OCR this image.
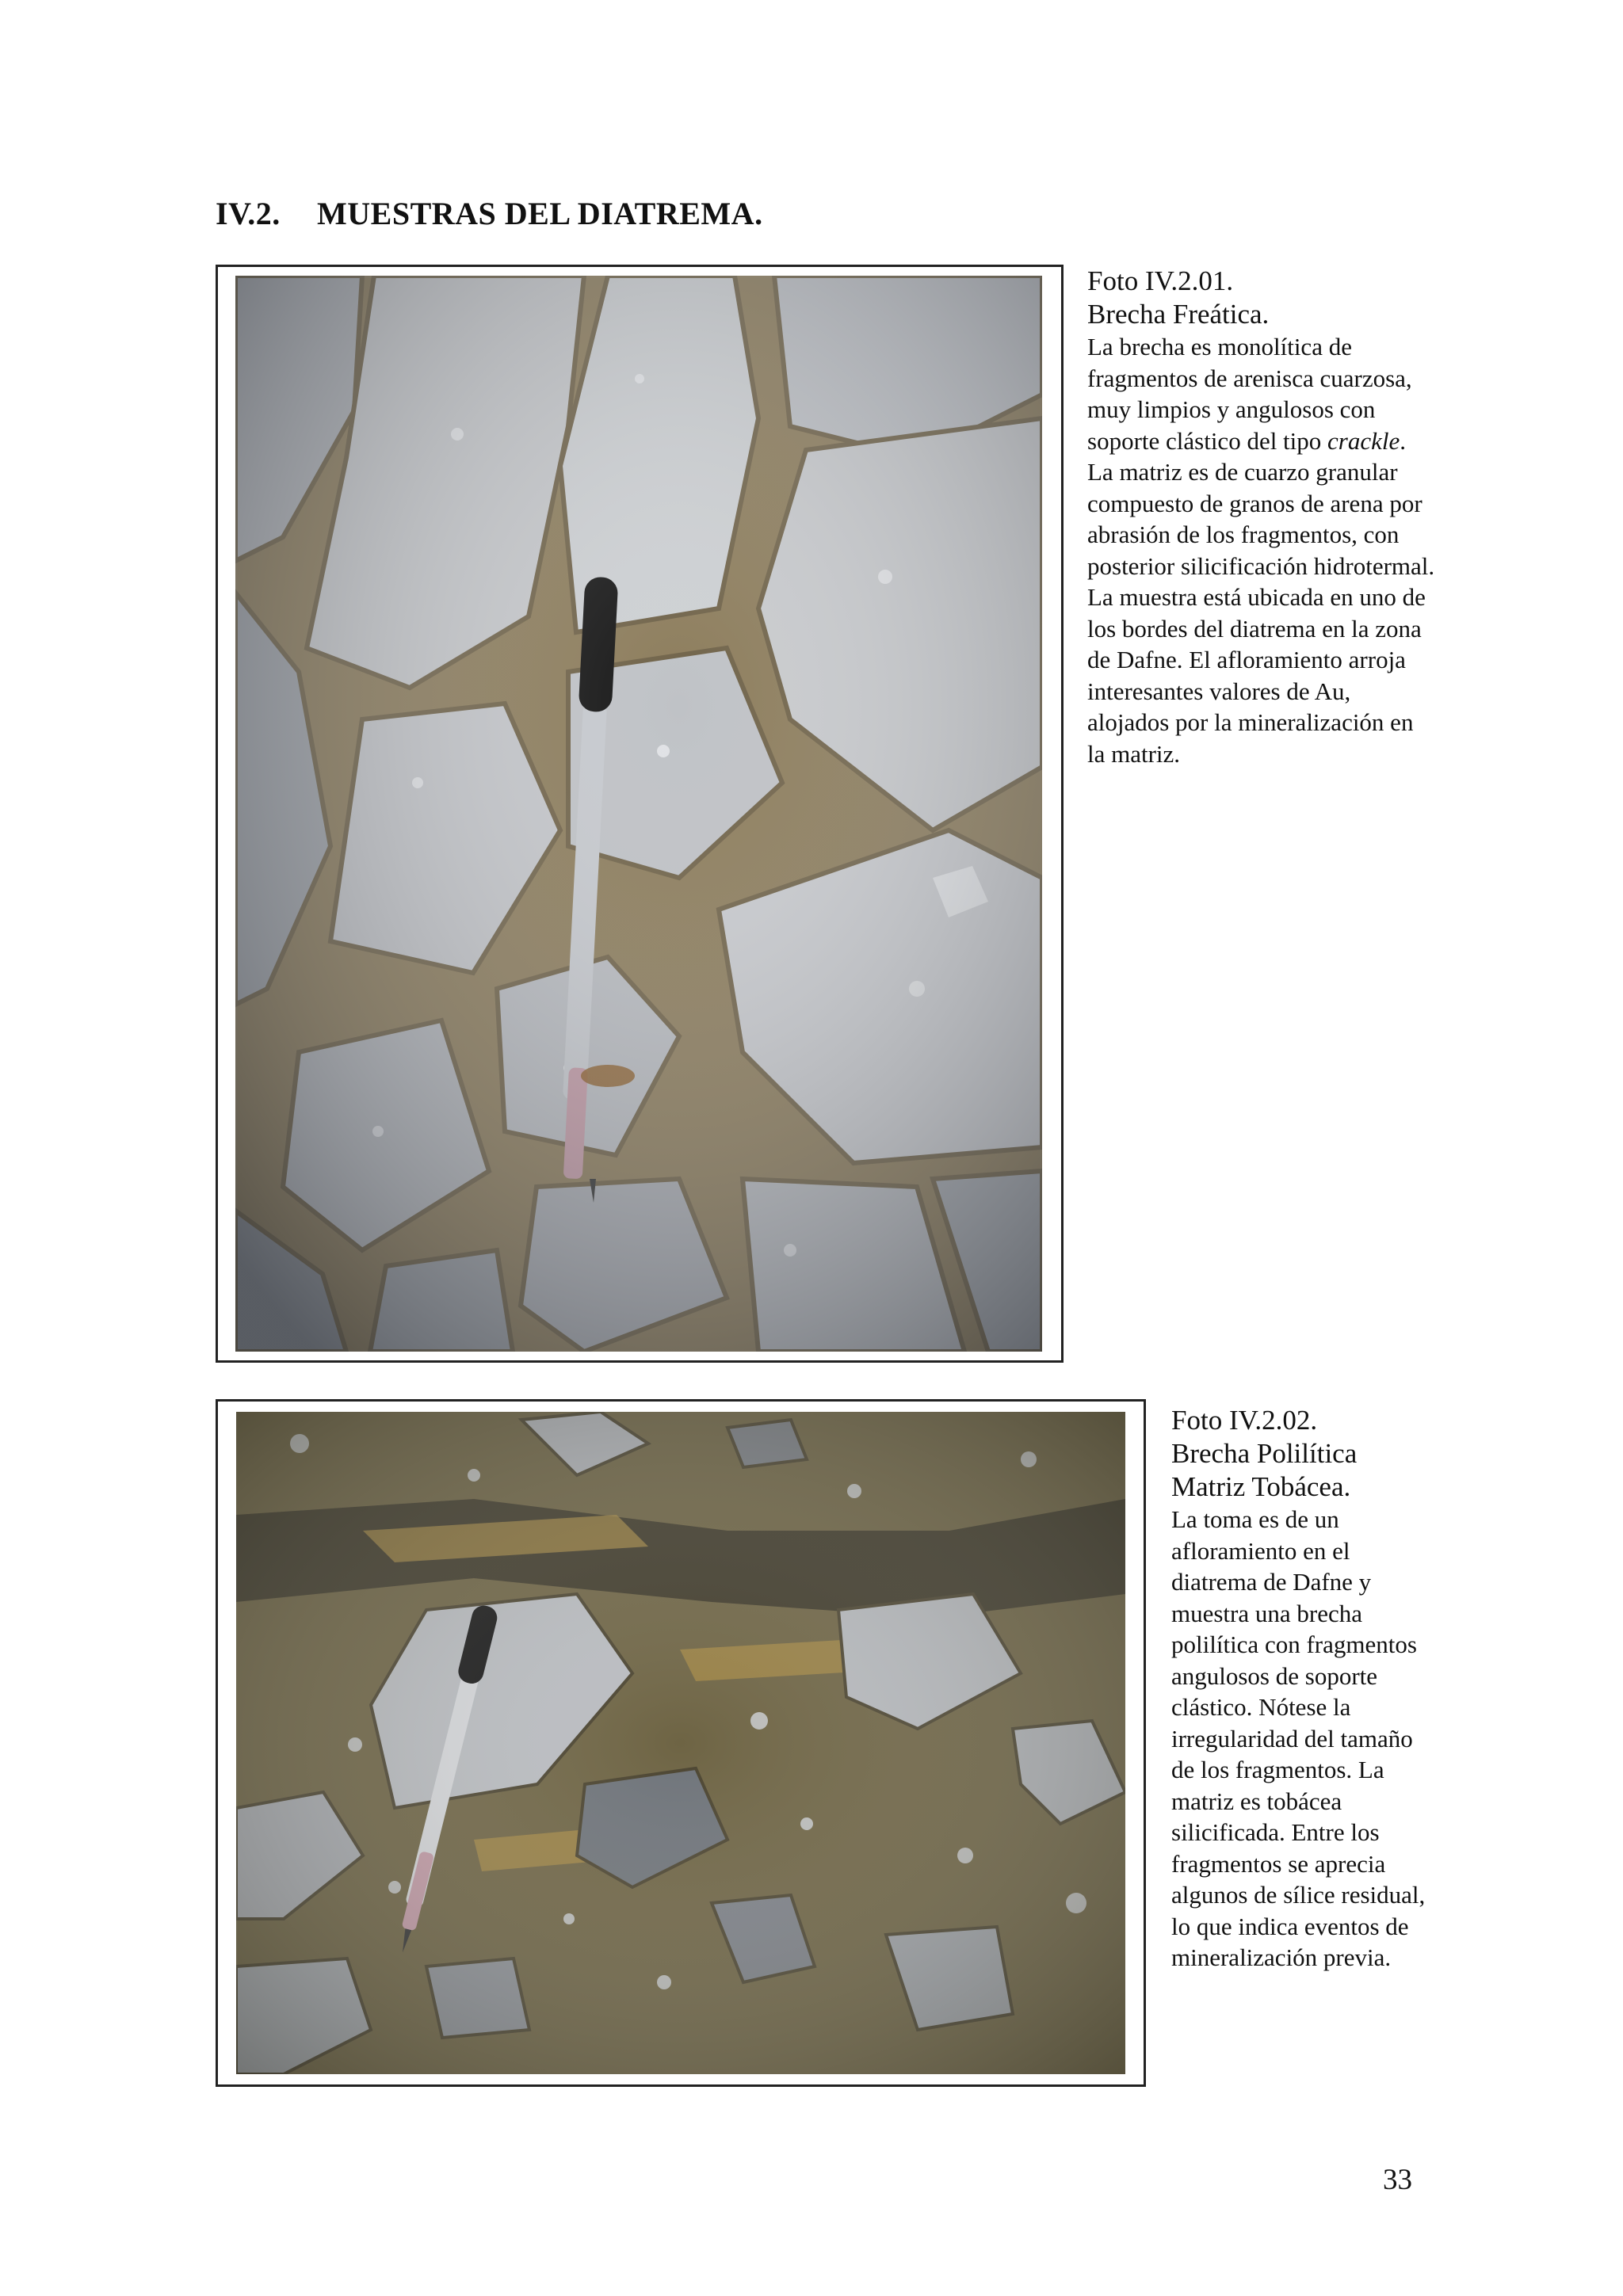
IV.2. MUESTRAS DEL DIATREMA.
Foto IV.2.01.
Brecha Freática.
La brecha es monolítica de fragmentos de arenisca cuarzosa, muy limpios y angulosos con soporte clástico del tipo crackle. La matriz es de cuarzo granular compuesto de granos de arena por abrasión de los fragmentos, con posterior silicificación hidrotermal. La muestra está ubicada en uno de los bordes del diatrema en la zona de Dafne. El afloramiento arroja interesantes valores de Au, alojados por la mineralización en la matriz.
Foto IV.2.02.
Brecha Polilítica
Matriz Tobácea.
La toma es de un afloramiento en el diatrema de Dafne y muestra una brecha polilítica con fragmentos angulosos de soporte clástico. Nótese la irregularidad del tamaño de los fragmentos. La matriz es tobácea silicificada. Entre los fragmentos se aprecia algunos de sílice residual, lo que indica eventos de mineralización previa.
33
